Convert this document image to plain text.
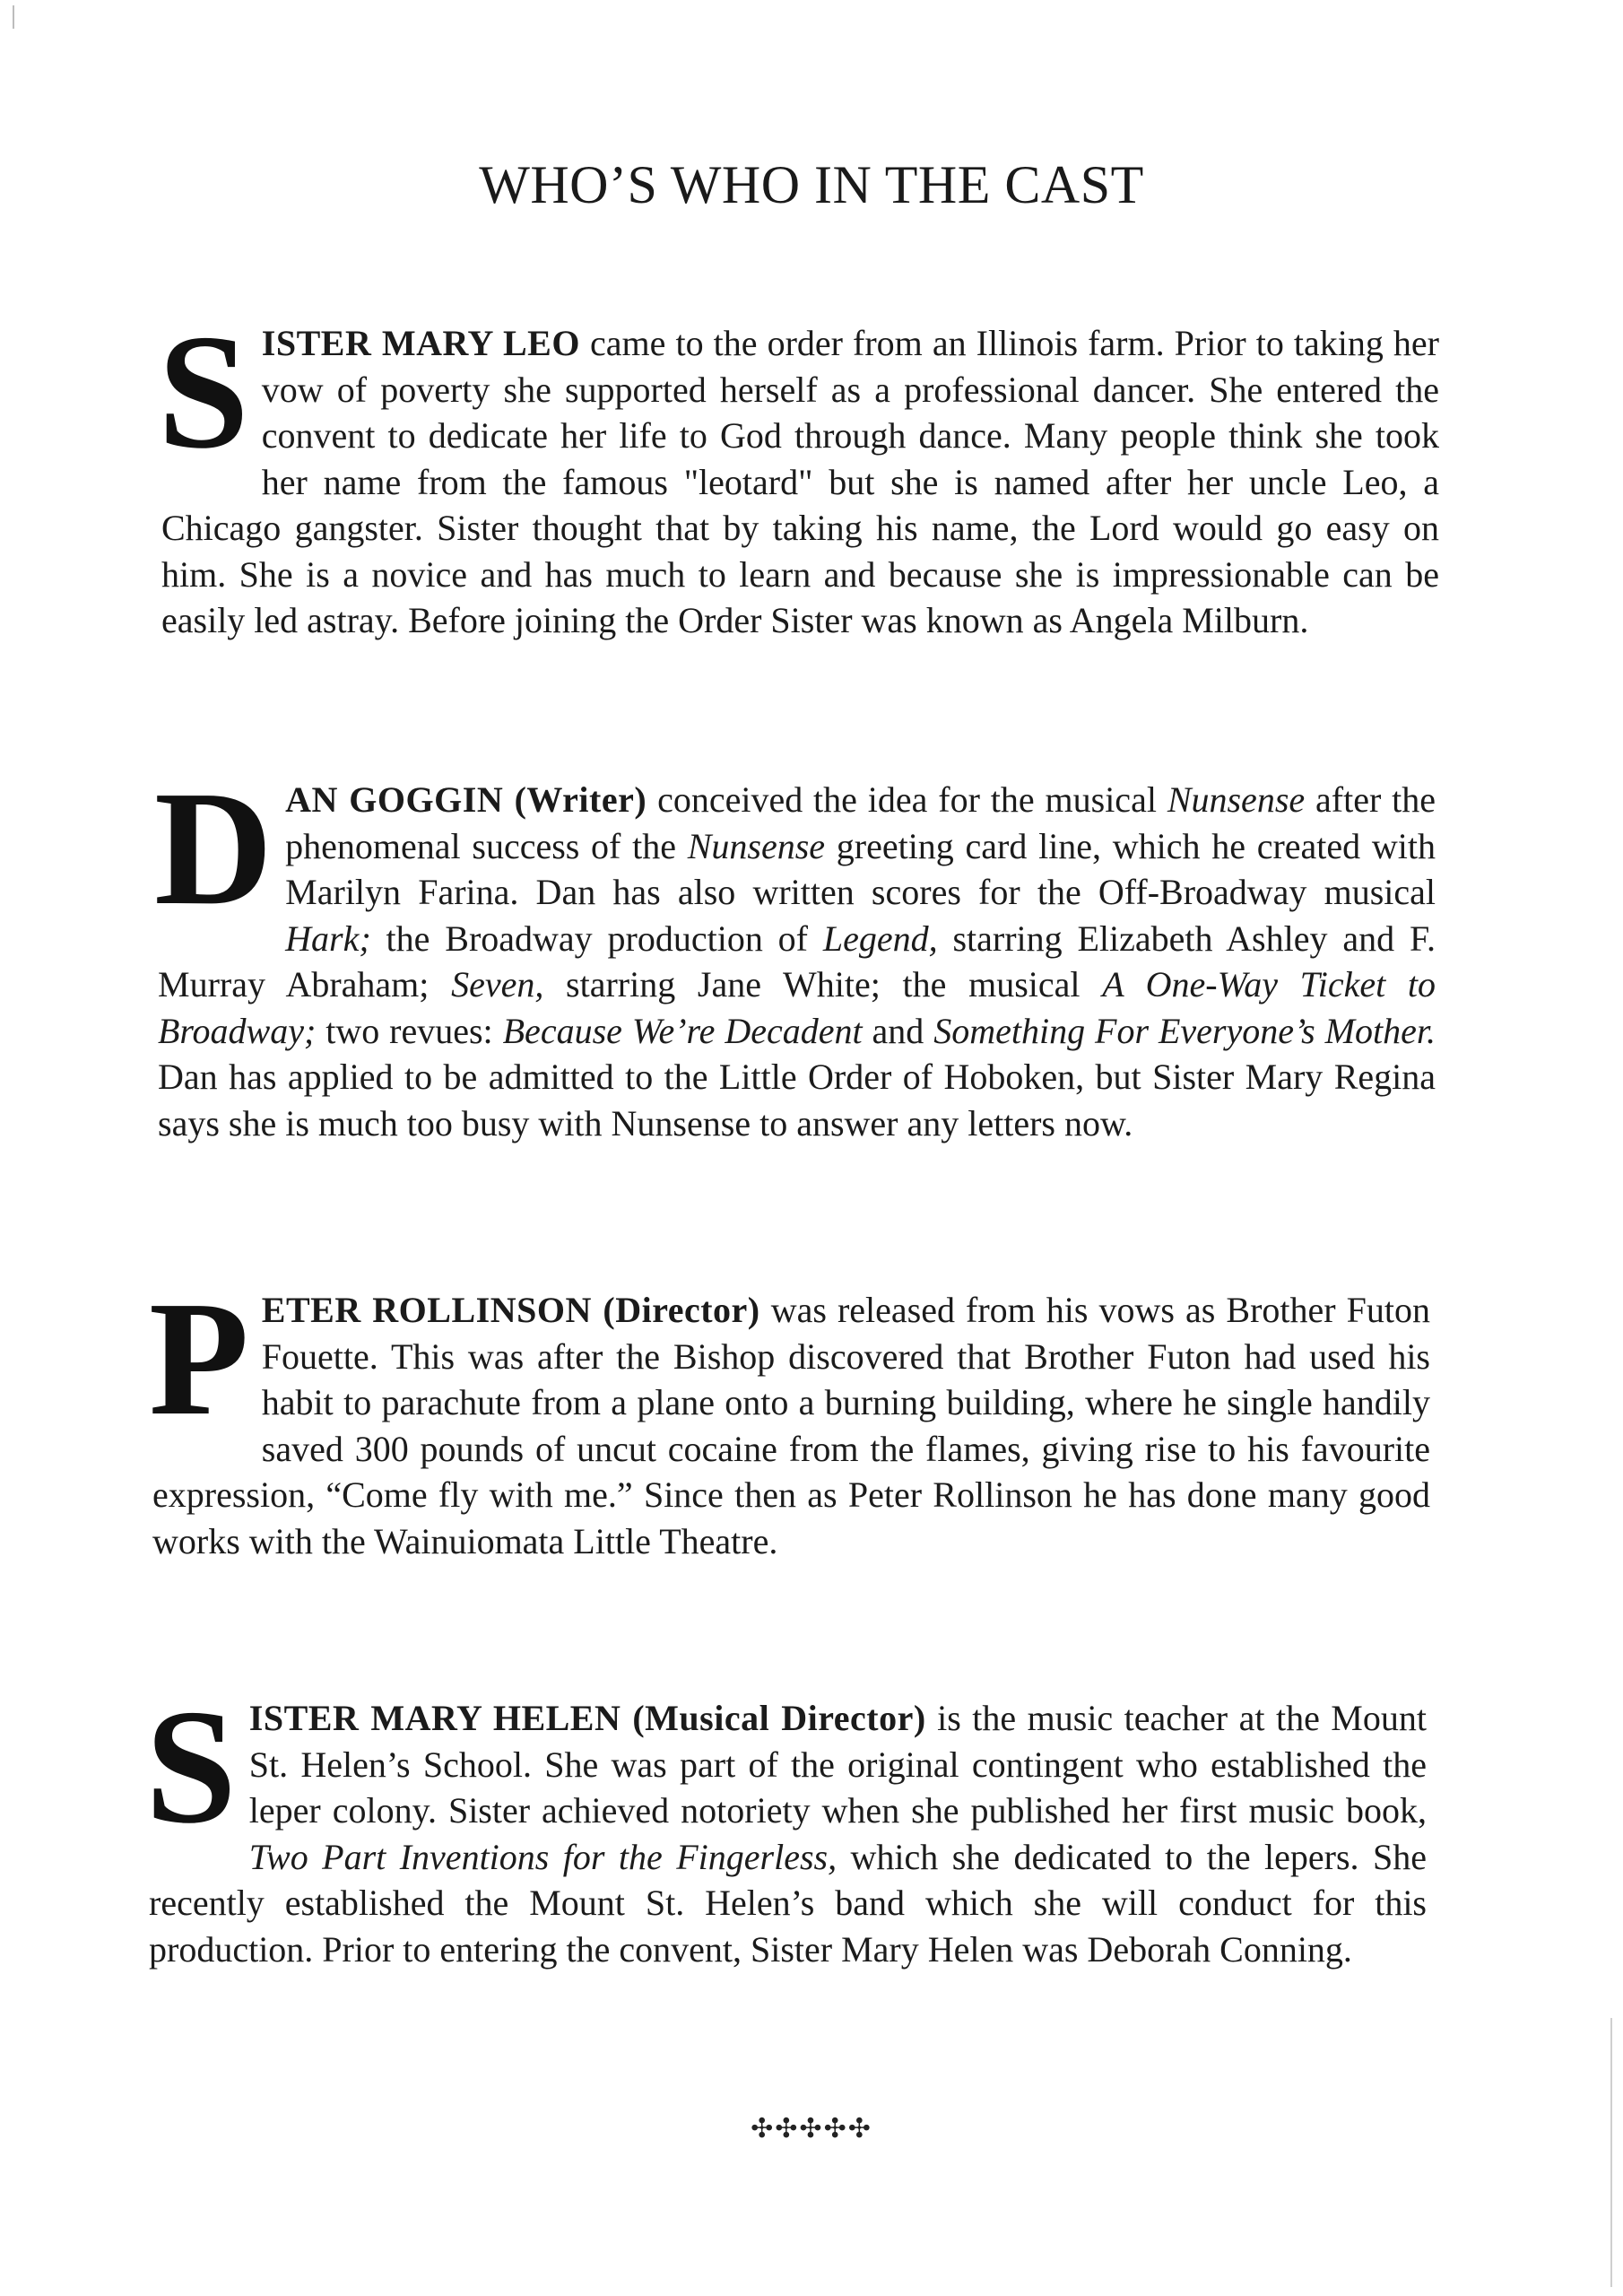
WHO’S WHO IN THE CAST

SISTER MARY LEO came to the order from an Illinois farm. Prior to taking her vow of poverty she supported herself as a professional dancer. She entered the convent to dedicate her life to God through dance. Many people think she took her name from the famous "leotard" but she is named after her uncle Leo, a Chicago gangster. Sister thought that by taking his name, the Lord would go easy on him. She is a novice and has much to learn and because she is impressionable can be easily led astray. Before joining the Order Sister was known as Angela Milburn.

DAN GOGGIN (Writer) conceived the idea for the musical Nunsense after the phenomenal success of the Nunsense greeting card line, which he created with Marilyn Farina. Dan has also written scores for the Off-Broadway musical Hark; the Broadway production of Legend, starring Elizabeth Ashley and F. Murray Abraham; Seven, starring Jane White; the musical A One-Way Ticket to Broadway; two revues: Because We’re Decadent and Something For Everyone’s Mother. Dan has applied to be admitted to the Little Order of Hoboken, but Sister Mary Regina says she is much too busy with Nunsense to answer any letters now.

PETER ROLLINSON (Director) was released from his vows as Brother Futon Fouette. This was after the Bishop discovered that Brother Futon had used his habit to parachute from a plane onto a burning building, where he single handily saved 300 pounds of uncut cocaine from the flames, giving rise to his favourite expression, “Come fly with me.” Since then as Peter Rollinson he has done many good works with the Wainuiomata Little Theatre.

SISTER MARY HELEN (Musical Director) is the music teacher at the Mount St. Helen’s School. She was part of the original contingent who established the leper colony. Sister achieved notoriety when she published her first music book, Two Part Inventions for the Fingerless, which she dedicated to the lepers. She recently established the Mount St. Helen’s band which she will conduct for this production. Prior to entering the convent, Sister Mary Helen was Deborah Conning.

✣✣✣✣✣
